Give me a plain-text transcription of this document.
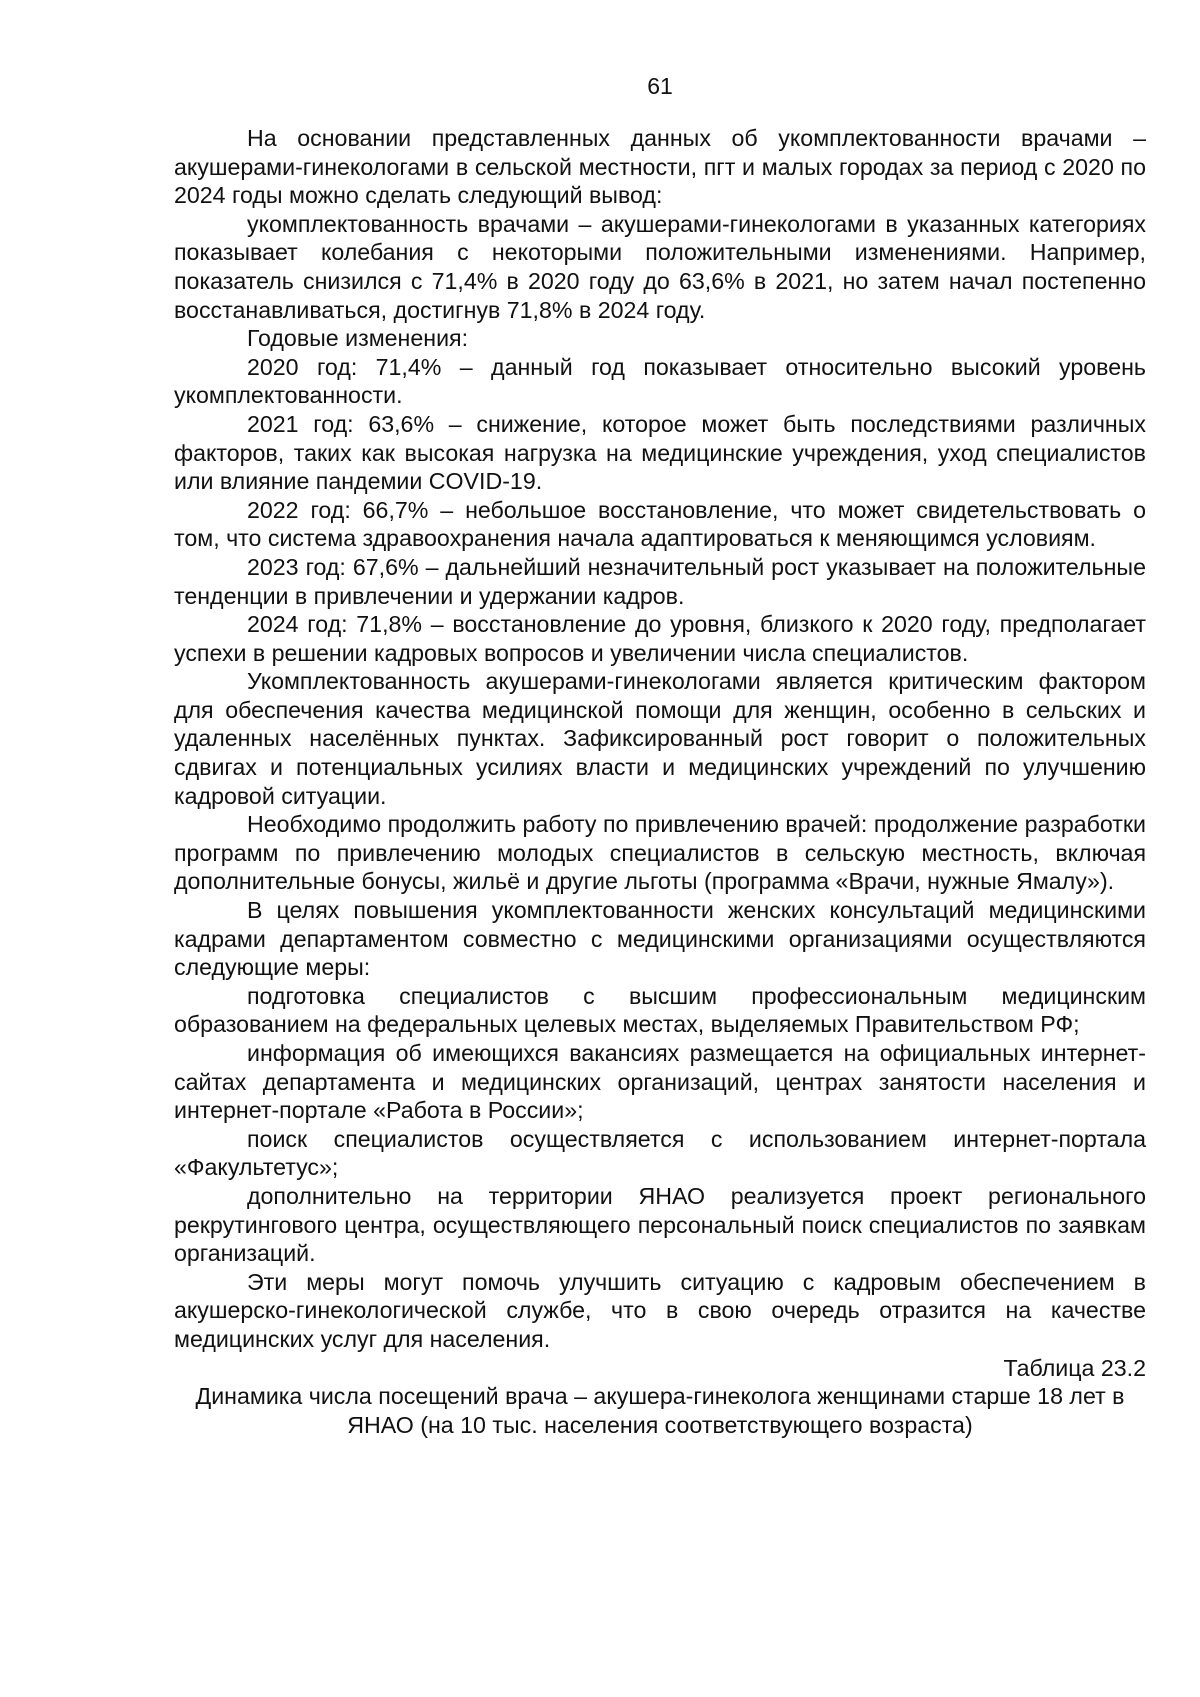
61

На основании представленных данных об укомплектованности врачами – акушерами-гинекологами в сельской местности, пгт и малых городах за период с 2020 по 2024 годы можно сделать следующий вывод:

укомплектованность врачами – акушерами-гинекологами в указанных категориях показывает колебания с некоторыми положительными изменениями. Например, показатель снизился с 71,4% в 2020 году до 63,6% в 2021, но затем начал постепенно восстанавливаться, достигнув 71,8% в 2024 году.

Годовые изменения:

2020 год: 71,4% – данный год показывает относительно высокий уровень укомплектованности.

2021 год: 63,6% – снижение, которое может быть последствиями различных факторов, таких как высокая нагрузка на медицинские учреждения, уход специалистов или влияние пандемии COVID-19.

2022 год: 66,7% – небольшое восстановление, что может свидетельствовать о том, что система здравоохранения начала адаптироваться к меняющимся условиям.

2023 год: 67,6% – дальнейший незначительный рост указывает на положительные тенденции в привлечении и удержании кадров.

2024 год: 71,8% – восстановление до уровня, близкого к 2020 году, предполагает успехи в решении кадровых вопросов и увеличении числа специалистов.

Укомплектованность акушерами-гинекологами является критическим фактором для обеспечения качества медицинской помощи для женщин, особенно в сельских и удаленных населённых пунктах. Зафиксированный рост говорит о положительных сдвигах и потенциальных усилиях власти и медицинских учреждений по улучшению кадровой ситуации.

Необходимо продолжить работу по привлечению врачей: продолжение разработки программ по привлечению молодых специалистов в сельскую местность, включая дополнительные бонусы, жильё и другие льготы (программа «Врачи, нужные Ямалу»).

В целях повышения укомплектованности женских консультаций медицинскими кадрами департаментом совместно с медицинскими организациями осуществляются следующие меры:

подготовка специалистов с высшим профессиональным медицинским образованием на федеральных целевых местах, выделяемых Правительством РФ;

информация об имеющихся вакансиях размещается на официальных интернет-сайтах департамента и медицинских организаций, центрах занятости населения и интернет-портале «Работа в России»;

поиск специалистов осуществляется с использованием интернет-портала «Факультетус»;

дополнительно на территории ЯНАО реализуется проект регионального рекрутингового центра, осуществляющего персональный поиск специалистов по заявкам организаций.

Эти меры могут помочь улучшить ситуацию с кадровым обеспечением в акушерско-гинекологической службе, что в свою очередь отразится на качестве медицинских услуг для населения.

Таблица 23.2

Динамика числа посещений врача – акушера-гинеколога женщинами старше 18 лет в ЯНАО (на 10 тыс. населения соответствующего возраста)
